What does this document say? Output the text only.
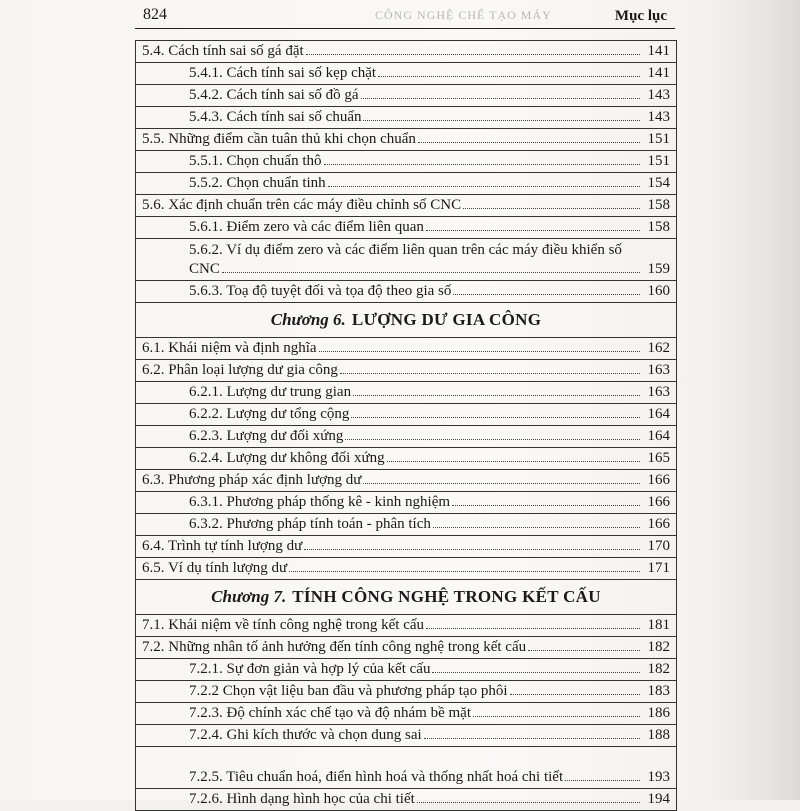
824	CÔNG NGHỆ CHẾ TẠO MÁY	Mục lục
5.4. Cách tính sai số gá đặt	141
5.4.1. Cách tính sai số kẹp chặt	141
5.4.2. Cách tính sai số đồ gá	143
5.4.3. Cách tính sai số chuẩn	143
5.5. Những điểm cần tuân thủ khi chọn chuẩn	151
5.5.1. Chọn chuẩn thô	151
5.5.2. Chọn chuẩn tinh	154
5.6. Xác định chuẩn trên các máy điều chỉnh số CNC	158
5.6.1. Điểm zero và các điểm liên quan	158
5.6.2. Ví dụ điểm zero và các điểm liên quan trên các máy điều khiển số CNC	159
5.6.3. Toạ độ tuyệt đối và tọa độ theo gia số	160
Chương 6. LƯỢNG DƯ GIA CÔNG
6.1. Khái niệm và định nghĩa	162
6.2. Phân loại lượng dư gia công	163
6.2.1. Lượng dư trung gian	163
6.2.2. Lượng dư tổng cộng	164
6.2.3. Lượng dư đối xứng	164
6.2.4. Lượng dư không đối xứng	165
6.3. Phương pháp xác định lượng dư	166
6.3.1. Phương pháp thống kê - kinh nghiệm	166
6.3.2. Phương pháp tính toán - phân tích	166
6.4. Trình tự tính lượng dư	170
6.5. Ví dụ tính lượng dư	171
Chương 7. TÍNH CÔNG NGHỆ TRONG KẾT CẤU
7.1. Khái niệm về tính công nghệ trong kết cấu	181
7.2. Những nhân tố ảnh hưởng đến tính công nghệ trong kết cấu	182
7.2.1. Sự đơn giản và hợp lý của kết cấu	182
7.2.2 Chọn vật liệu ban đầu và phương pháp tạo phôi	183
7.2.3. Độ chính xác chế tạo và độ nhám bề mặt	186
7.2.4. Ghi kích thước và chọn dung sai	188
7.2.5. Tiêu chuẩn hoá, điển hình hoá và thống nhất hoá chi tiết	193
7.2.6. Hình dạng hình học của chi tiết	194
